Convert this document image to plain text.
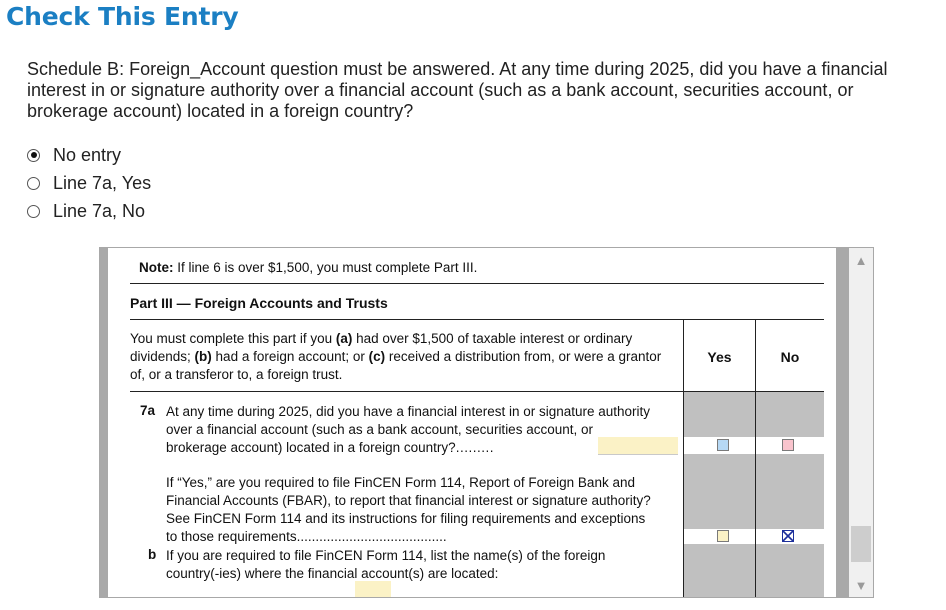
Check This Entry
Schedule B: Foreign_Account question must be answered. At any time during 2025, did you have a financial interest in or signature authority over a financial account (such as a bank account, securities account, or brokerage account) located in a foreign country?
No entry
Line 7a, Yes
Line 7a, No
Note: If line 6 is over $1,500, you must complete Part III.
Part III — Foreign Accounts and Trusts
You must complete this part if you (a) had over $1,500 of taxable interest or ordinary dividends; (b) had a foreign account; or (c) received a distribution from, or were a grantor of, or a transferor to, a foreign trust.
Yes	No
7a At any time during 2025, did you have a financial interest in or signature authority over a financial account (such as a bank account, securities account, or brokerage account) located in a foreign country?.........
If “Yes,” are you required to file FinCEN Form 114, Report of Foreign Bank and Financial Accounts (FBAR), to report that financial interest or signature authority? See FinCEN Form 114 and its instructions for filing requirements and exceptions to those requirements........................................
b If you are required to file FinCEN Form 114, list the name(s) of the foreign country(-ies) where the financial account(s) are located:
▲
▼
